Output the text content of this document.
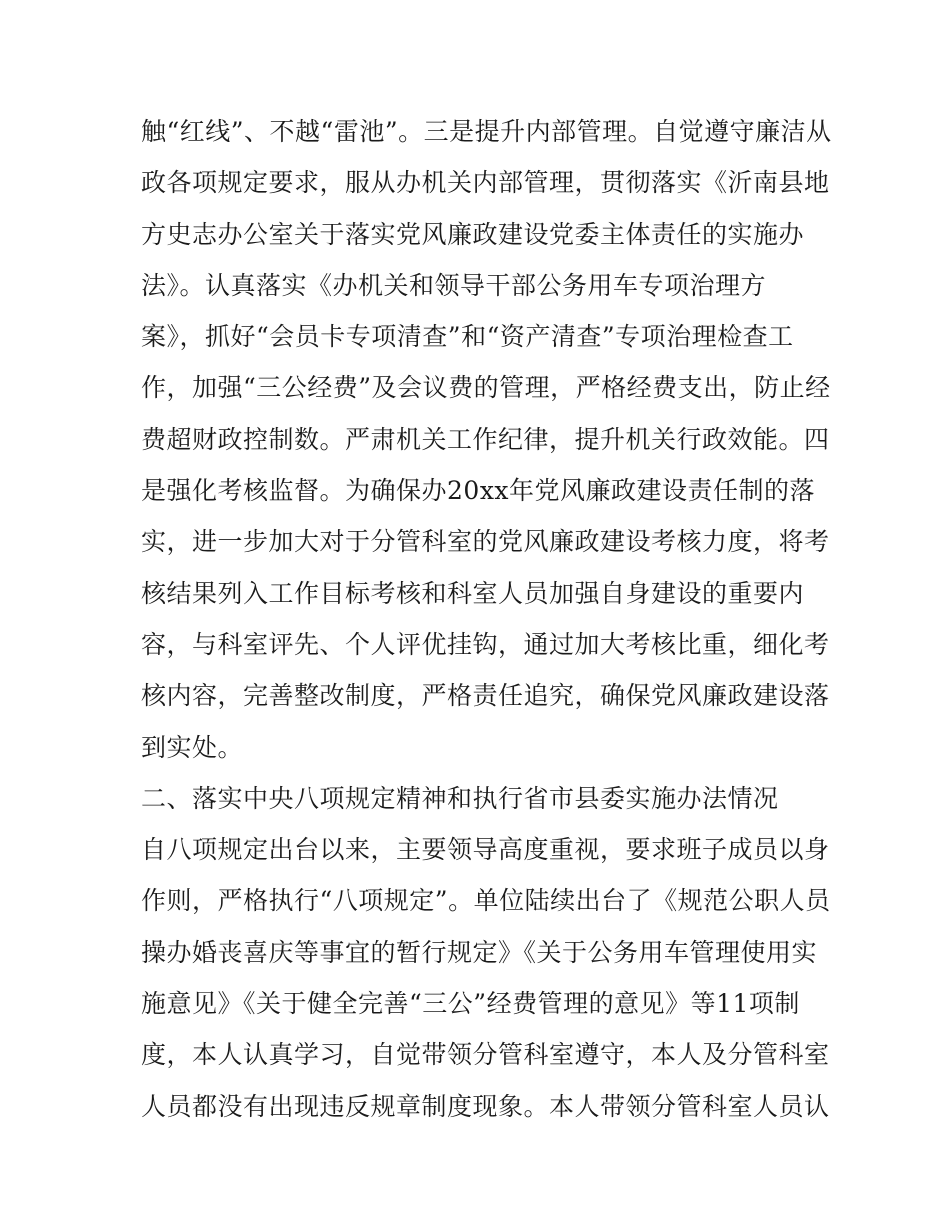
触“红线”、不越“雷池”。三是提升内部管理。自觉遵守廉洁从
政各项规定要求，服从办机关内部管理，贯彻落实《沂南县地
方史志办公室关于落实党风廉政建设党委主体责任的实施办
法》。认真落实《办机关和领导干部公务用车专项治理方
案》，抓好“会员卡专项清查”和“资产清查”专项治理检查工
作，加强“三公经费”及会议费的管理，严格经费支出，防止经
费超财政控制数。严肃机关工作纪律，提升机关行政效能。四
是强化考核监督。为确保办20xx年党风廉政建设责任制的落
实，进一步加大对于分管科室的党风廉政建设考核力度，将考
核结果列入工作目标考核和科室人员加强自身建设的重要内
容，与科室评先、个人评优挂钩，通过加大考核比重，细化考
核内容，完善整改制度，严格责任追究，确保党风廉政建设落
到实处。
二、落实中央八项规定精神和执行省市县委实施办法情况
自八项规定出台以来，主要领导高度重视，要求班子成员以身
作则，严格执行“八项规定”。单位陆续出台了《规范公职人员
操办婚丧喜庆等事宜的暂行规定》《关于公务用车管理使用实
施意见》《关于健全完善“三公”经费管理的意见》等11项制
度，本人认真学习，自觉带领分管科室遵守，本人及分管科室
人员都没有出现违反规章制度现象。本人带领分管科室人员认
